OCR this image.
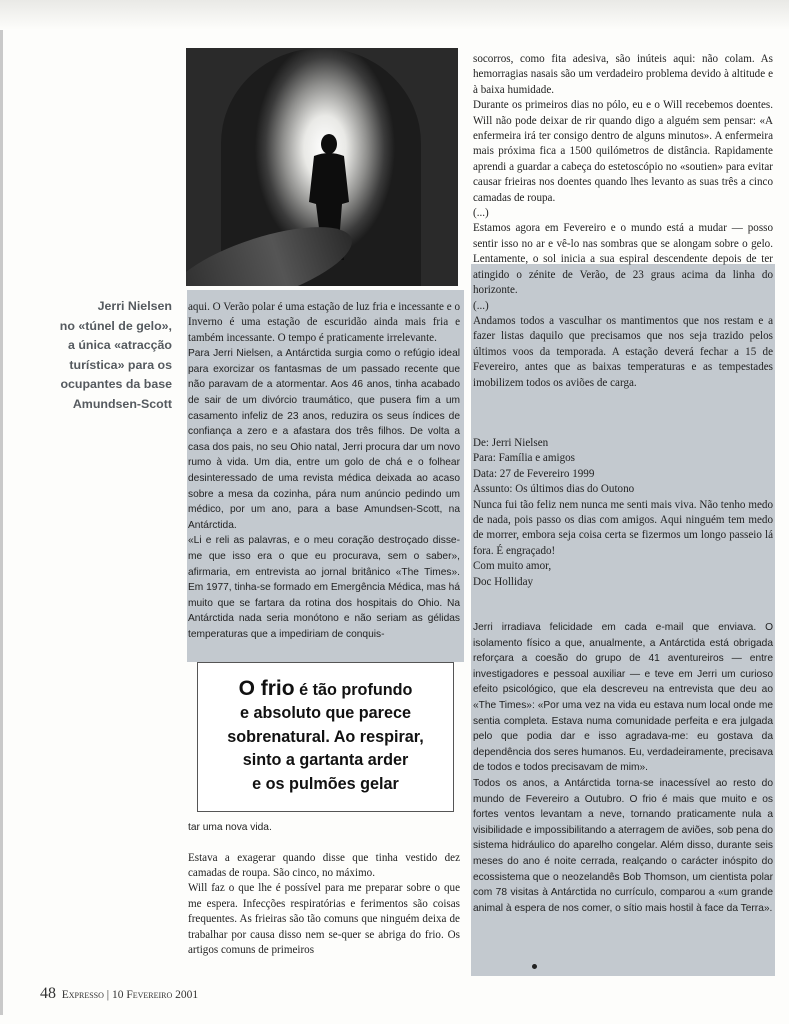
Jerri Nielsen
no «túnel de gelo»,
a única «atracção
turística» para os
ocupantes da base
Amundsen-Scott

aqui. O Verão polar é uma estação de luz fria e incessante e o Inverno é uma estação de escuridão ainda mais fria e também incessante. O tempo é praticamente irrelevante.

Para Jerri Nielsen, a Antárctida surgia como o refúgio ideal para exorcizar os fantasmas de um passado recente que não paravam de a atormentar. Aos 46 anos, tinha acabado de sair de um divórcio traumático, que pusera fim a um casamento infeliz de 23 anos, reduzira os seus índices de confiança a zero e a afastara dos três filhos. De volta a casa dos pais, no seu Ohio natal, Jerri procura dar um novo rumo à vida. Um dia, entre um golo de chá e o folhear desinteressado de uma revista médica deixada ao acaso sobre a mesa da cozinha, pára num anúncio pedindo um médico, por um ano, para a base Amundsen-Scott, na Antárctida.

«Li e reli as palavras, e o meu coração destroçado disse-me que isso era o que eu procurava, sem o saber», afirmaria, em entrevista ao jornal britânico «The Times». Em 1977, tinha-se formado em Emergência Médica, mas há muito que se fartara da rotina dos hospitais do Ohio. Na Antárctida nada seria monótono e não seriam as gélidas temperaturas que a impediriam de conquis-

O frio é tão profundo
e absoluto que parece
sobrenatural. Ao respirar,
sinto a gartanta arder
e os pulmões gelar

tar uma nova vida.

Estava a exagerar quando disse que tinha vestido dez camadas de roupa. São cinco, no máximo.

Will faz o que lhe é possível para me preparar sobre o que me espera. Infecções respiratórias e ferimentos são coisas frequentes. As frieiras são tão comuns que ninguém deixa de trabalhar por causa disso nem se-quer se abriga do frio. Os artigos comuns de primeiros

socorros, como fita adesiva, são inúteis aqui: não colam. As hemorragias nasais são um verdadeiro problema devido à altitude e à baixa humidade.

Durante os primeiros dias no pólo, eu e o Will recebemos doentes. Will não pode deixar de rir quando digo a alguém sem pensar: «A enfermeira irá ter consigo dentro de alguns minutos». A enfermeira mais próxima fica a 1500 quilómetros de distância. Rapidamente aprendi a guardar a cabeça do estetoscópio no «soutien» para evitar causar frieiras nos doentes quando lhes levanto as suas três a cinco camadas de roupa.

(...)

Estamos agora em Fevereiro e o mundo está a mudar — posso sentir isso no ar e vê-lo nas sombras que se alongam sobre o gelo. Lentamente, o sol inicia a sua espiral descendente depois de ter atingido o zénite de Verão, de 23 graus acima da linha do horizonte.

(...)

Andamos todos a vasculhar os mantimentos que nos restam e a fazer listas daquilo que precisamos que nos seja trazido pelos últimos voos da temporada. A estação deverá fechar a 15 de Fevereiro, antes que as baixas temperaturas e as tempestades imobilizem todos os aviões de carga.

De: Jerri Nielsen

Para: Família e amigos

Data: 27 de Fevereiro 1999

Assunto: Os últimos dias do Outono

Nunca fui tão feliz nem nunca me senti mais viva. Não tenho medo de nada, pois passo os dias com amigos. Aqui ninguém tem medo de morrer, embora seja coisa certa se fizermos um longo passeio lá fora. É engraçado!

Com muito amor,

Doc Holliday

Jerri irradiava felicidade em cada e-mail que enviava. O isolamento físico a que, anualmente, a Antárctida está obrigada reforçara a coesão do grupo de 41 aventureiros — entre investigadores e pessoal auxiliar — e teve em Jerri um curioso efeito psicológico, que ela descreveu na entrevista que deu ao «The Times»: «Por uma vez na vida eu estava num local onde me sentia completa. Estava numa comunidade perfeita e era julgada pelo que podia dar e isso agradava-me: eu gostava da dependência dos seres humanos. Eu, verdadeiramente, precisava de todos e todos precisavam de mim».

Todos os anos, a Antárctida torna-se inacessível ao resto do mundo de Fevereiro a Outubro. O frio é mais que muito e os fortes ventos levantam a neve, tornando praticamente nula a visibilidade e impossibilitando a aterragem de aviões, sob pena do sistema hidráulico do aparelho congelar. Além disso, durante seis meses do ano é noite cerrada, realçando o carácter inóspito do ecossistema que o neozelandês Bob Thomson, um cientista polar com 78 visitas à Antárctida no currículo, comparou a «um grande animal à espera de nos comer, o sítio mais hostil à face da Terra».

48 Expresso | 10 Fevereiro 2001
